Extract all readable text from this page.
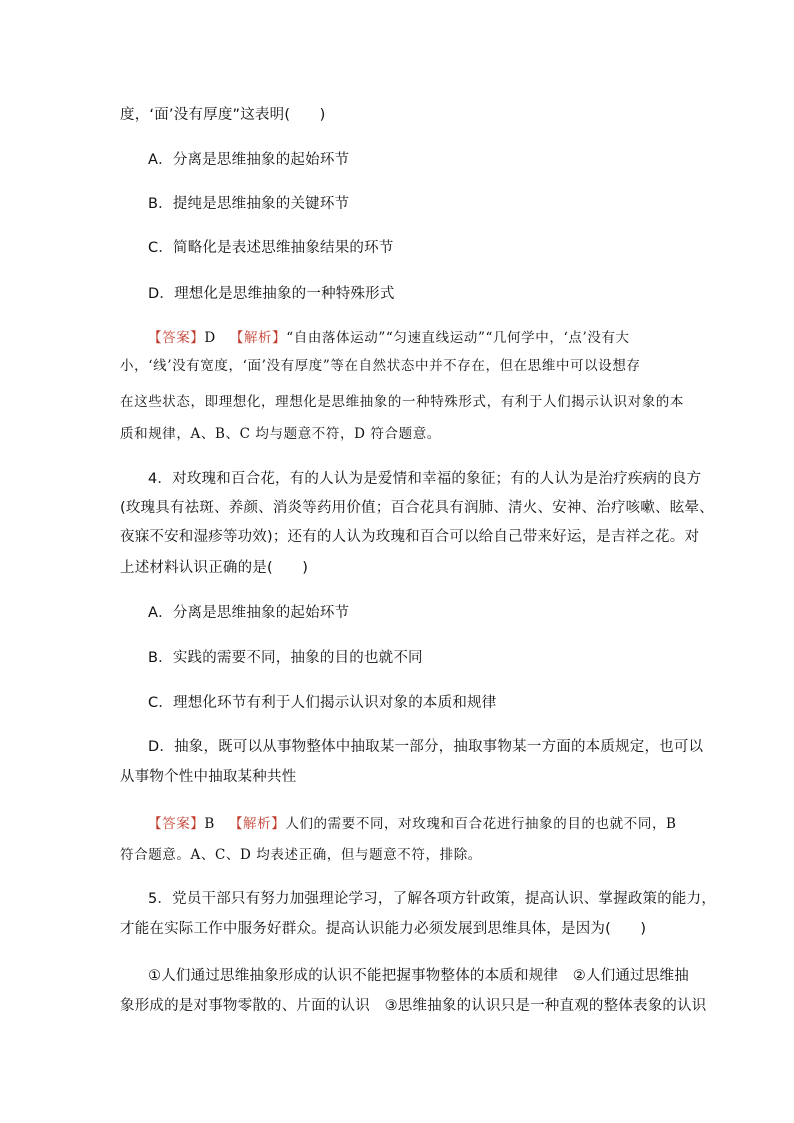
度，‘面’没有厚度”这表明(　　)
A．分离是思维抽象的起始环节
B．提纯是思维抽象的关键环节
C．简略化是表述思维抽象结果的环节
D．理想化是思维抽象的一种特殊形式
【答案】D 【解析】“自由落体运动”“匀速直线运动”“几何学中，‘点’没有大
小，‘线’没有宽度，‘面’没有厚度”等在自然状态中并不存在，但在思维中可以设想存
在这些状态，即理想化，理想化是思维抽象的一种特殊形式，有利于人们揭示认识对象的本
质和规律，A、B、C 均与题意不符，D 符合题意。
4．对玫瑰和百合花，有的人认为是爱情和幸福的象征；有的人认为是治疗疾病的良方
(玫瑰具有祛斑、养颜、消炎等药用价值；百合花具有润肺、清火、安神、治疗咳嗽、眩晕、
夜寐不安和湿疹等功效)；还有的人认为玫瑰和百合可以给自己带来好运，是吉祥之花。对
上述材料认识正确的是(　　)
A．分离是思维抽象的起始环节
B．实践的需要不同，抽象的目的也就不同
C．理想化环节有利于人们揭示认识对象的本质和规律
D．抽象，既可以从事物整体中抽取某一部分，抽取事物某一方面的本质规定，也可以
从事物个性中抽取某种共性
【答案】B 【解析】人们的需要不同，对玫瑰和百合花进行抽象的目的也就不同，B
符合题意。A、C、D 均表述正确，但与题意不符，排除。
5．党员干部只有努力加强理论学习，了解各项方针政策，提高认识、掌握政策的能力，
才能在实际工作中服务好群众。提高认识能力必须发展到思维具体，是因为(　　)
①人们通过思维抽象形成的认识不能把握事物整体的本质和规律　②人们通过思维抽
象形成的是对事物零散的、片面的认识　③思维抽象的认识只是一种直观的整体表象的认识
